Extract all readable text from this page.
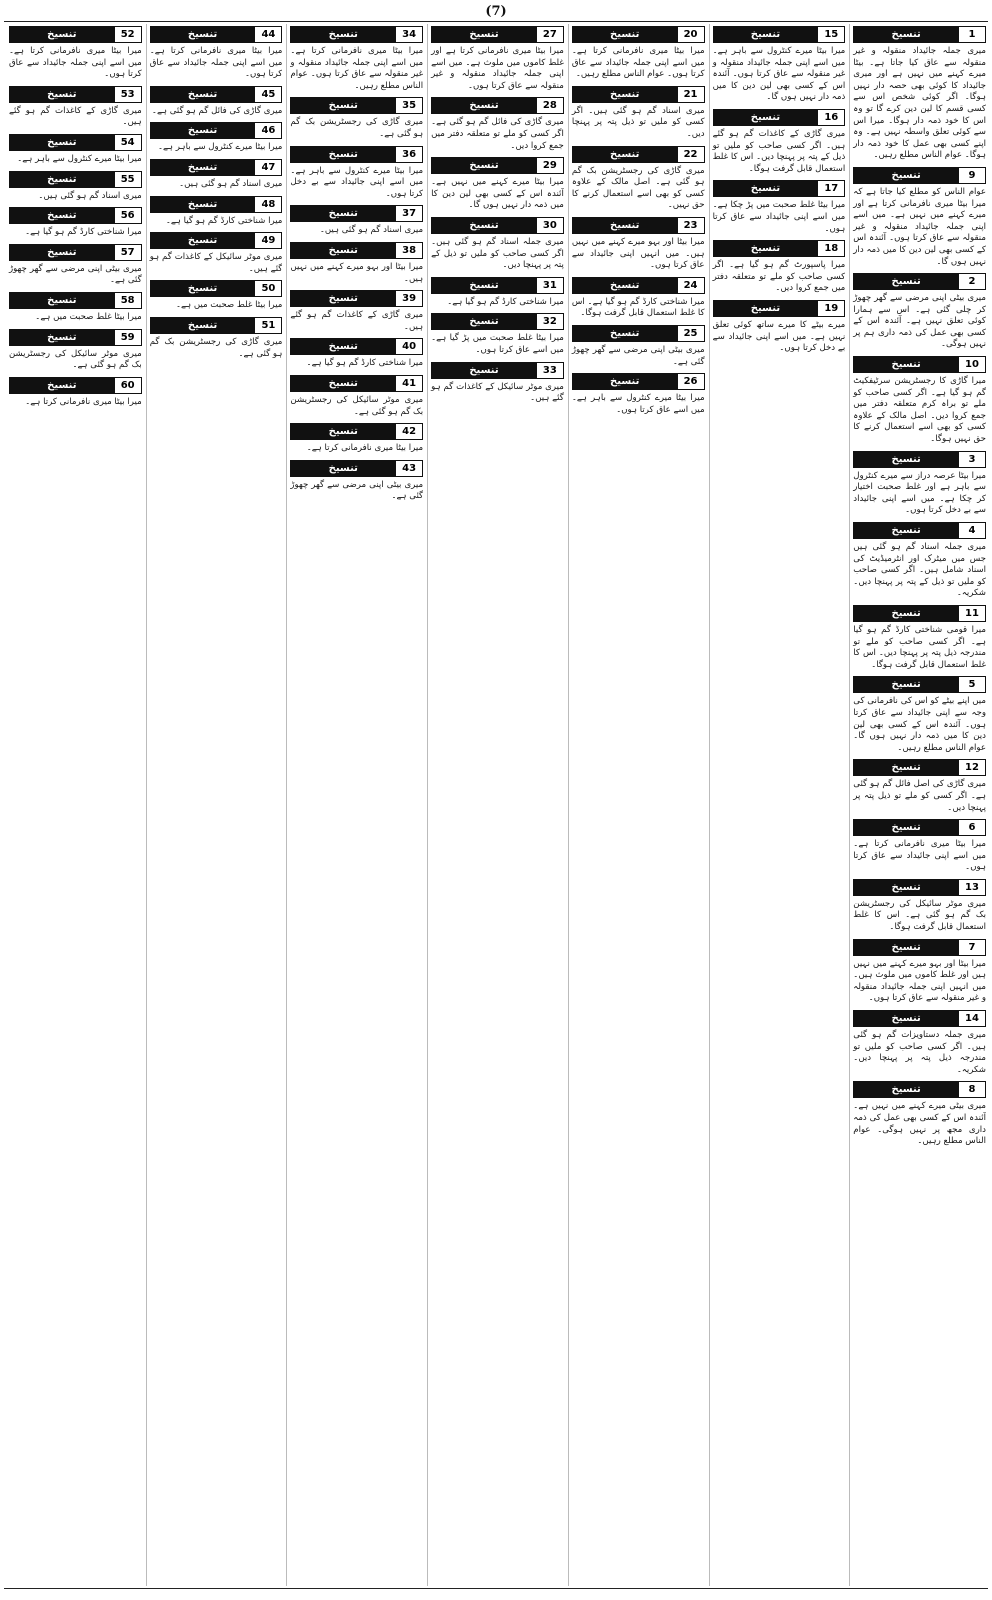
(7)
1
تنسیخ

میری جملہ جائیداد منقولہ و غیر منقولہ سے عاق کیا جاتا ہے۔ بیٹا میرے کہنے میں نہیں ہے اور میری جائیداد کا کوئی بھی حصہ دار نہیں ہوگا۔ اگر کوئی شخص اس سے کسی قسم کا لین دین کرے گا تو وہ اس کا خود ذمہ دار ہوگا۔ میرا اس سے کوئی تعلق واسطہ نہیں ہے۔ وہ اپنے کسی بھی عمل کا خود ذمہ دار ہوگا۔ عوام الناس مطلع رہیں۔

9
تنسیخ

عوام الناس کو مطلع کیا جاتا ہے کہ میرا بیٹا میری نافرمانی کرتا ہے اور میرے کہنے میں نہیں ہے۔ میں اسے اپنی جملہ جائیداد منقولہ و غیر منقولہ سے عاق کرتا ہوں۔ آئندہ اس کے کسی بھی لین دین کا میں ذمہ دار نہیں ہوں گا۔

2
تنسیخ

میری بیٹی اپنی مرضی سے گھر چھوڑ کر چلی گئی ہے۔ اس سے ہمارا کوئی تعلق نہیں ہے۔ آئندہ اس کے کسی بھی عمل کی ذمہ داری ہم پر نہیں ہوگی۔

10
تنسیخ

میرا گاڑی کا رجسٹریشن سرٹیفکیٹ گم ہو گیا ہے۔ اگر کسی صاحب کو ملے تو براہ کرم متعلقہ دفتر میں جمع کروا دیں۔ اصل مالک کے علاوہ کسی کو بھی اسے استعمال کرنے کا حق نہیں ہوگا۔

3
تنسیخ

میرا بیٹا عرصہ دراز سے میرے کنٹرول سے باہر ہے اور غلط صحبت اختیار کر چکا ہے۔ میں اسے اپنی جائیداد سے بے دخل کرتا ہوں۔

4
تنسیخ

میری جملہ اسناد گم ہو گئی ہیں جس میں میٹرک اور انٹرمیڈیٹ کی اسناد شامل ہیں۔ اگر کسی صاحب کو ملیں تو ذیل کے پتہ پر پہنچا دیں۔ شکریہ۔

11
تنسیخ

میرا قومی شناختی کارڈ گم ہو گیا ہے۔ اگر کسی صاحب کو ملے تو مندرجہ ذیل پتہ پر پہنچا دیں۔ اس کا غلط استعمال قابل گرفت ہوگا۔

5
تنسیخ

میں اپنے بیٹے کو اس کی نافرمانی کی وجہ سے اپنی جائیداد سے عاق کرتا ہوں۔ آئندہ اس کے کسی بھی لین دین کا میں ذمہ دار نہیں ہوں گا۔ عوام الناس مطلع رہیں۔

12
تنسیخ

میری گاڑی کی اصل فائل گم ہو گئی ہے۔ اگر کسی کو ملے تو ذیل پتہ پر پہنچا دیں۔

6
تنسیخ

میرا بیٹا میری نافرمانی کرتا ہے۔ میں اسے اپنی جائیداد سے عاق کرتا ہوں۔

13
تنسیخ

میری موٹر سائیکل کی رجسٹریشن بک گم ہو گئی ہے۔ اس کا غلط استعمال قابل گرفت ہوگا۔

7
تنسیخ

میرا بیٹا اور بہو میرے کہنے میں نہیں ہیں اور غلط کاموں میں ملوث ہیں۔ میں انہیں اپنی جملہ جائیداد منقولہ و غیر منقولہ سے عاق کرتا ہوں۔

14
تنسیخ

میری جملہ دستاویزات گم ہو گئی ہیں۔ اگر کسی صاحب کو ملیں تو مندرجہ ذیل پتہ پر پہنچا دیں۔ شکریہ۔

8
تنسیخ

میری بیٹی میرے کہنے میں نہیں ہے۔ آئندہ اس کے کسی بھی عمل کی ذمہ داری مجھ پر نہیں ہوگی۔ عوام الناس مطلع رہیں۔

15
تنسیخ

میرا بیٹا میرے کنٹرول سے باہر ہے۔ میں اسے اپنی جملہ جائیداد منقولہ و غیر منقولہ سے عاق کرتا ہوں۔ آئندہ اس کے کسی بھی لین دین کا میں ذمہ دار نہیں ہوں گا۔

16
تنسیخ

میری گاڑی کے کاغذات گم ہو گئے ہیں۔ اگر کسی صاحب کو ملیں تو ذیل کے پتہ پر پہنچا دیں۔ اس کا غلط استعمال قابل گرفت ہوگا۔

17
تنسیخ

میرا بیٹا غلط صحبت میں پڑ چکا ہے۔ میں اسے اپنی جائیداد سے عاق کرتا ہوں۔

18
تنسیخ

میرا پاسپورٹ گم ہو گیا ہے۔ اگر کسی صاحب کو ملے تو متعلقہ دفتر میں جمع کروا دیں۔

19
تنسیخ

میرے بیٹے کا میرے ساتھ کوئی تعلق نہیں ہے۔ میں اسے اپنی جائیداد سے بے دخل کرتا ہوں۔

20
تنسیخ

میرا بیٹا میری نافرمانی کرتا ہے۔ میں اسے اپنی جملہ جائیداد سے عاق کرتا ہوں۔ عوام الناس مطلع رہیں۔

21
تنسیخ

میری اسناد گم ہو گئی ہیں۔ اگر کسی کو ملیں تو ذیل پتہ پر پہنچا دیں۔

22
تنسیخ

میری گاڑی کی رجسٹریشن بک گم ہو گئی ہے۔ اصل مالک کے علاوہ کسی کو بھی اسے استعمال کرنے کا حق نہیں۔

23
تنسیخ

میرا بیٹا اور بہو میرے کہنے میں نہیں ہیں۔ میں انہیں اپنی جائیداد سے عاق کرتا ہوں۔

24
تنسیخ

میرا شناختی کارڈ گم ہو گیا ہے۔ اس کا غلط استعمال قابل گرفت ہوگا۔

25
تنسیخ

میری بیٹی اپنی مرضی سے گھر چھوڑ گئی ہے۔

26
تنسیخ

میرا بیٹا میرے کنٹرول سے باہر ہے۔ میں اسے عاق کرتا ہوں۔

27
تنسیخ

میرا بیٹا میری نافرمانی کرتا ہے اور غلط کاموں میں ملوث ہے۔ میں اسے اپنی جملہ جائیداد منقولہ و غیر منقولہ سے عاق کرتا ہوں۔

28
تنسیخ

میری گاڑی کی فائل گم ہو گئی ہے۔ اگر کسی کو ملے تو متعلقہ دفتر میں جمع کروا دیں۔

29
تنسیخ

میرا بیٹا میرے کہنے میں نہیں ہے۔ آئندہ اس کے کسی بھی لین دین کا میں ذمہ دار نہیں ہوں گا۔

30
تنسیخ

میری جملہ اسناد گم ہو گئی ہیں۔ اگر کسی صاحب کو ملیں تو ذیل کے پتہ پر پہنچا دیں۔

31
تنسیخ

میرا شناختی کارڈ گم ہو گیا ہے۔

32
تنسیخ

میرا بیٹا غلط صحبت میں پڑ گیا ہے۔ میں اسے عاق کرتا ہوں۔

33
تنسیخ

میری موٹر سائیکل کے کاغذات گم ہو گئے ہیں۔

34
تنسیخ

میرا بیٹا میری نافرمانی کرتا ہے۔ میں اسے اپنی جملہ جائیداد منقولہ و غیر منقولہ سے عاق کرتا ہوں۔ عوام الناس مطلع رہیں۔

35
تنسیخ

میری گاڑی کی رجسٹریشن بک گم ہو گئی ہے۔

36
تنسیخ

میرا بیٹا میرے کنٹرول سے باہر ہے۔ میں اسے اپنی جائیداد سے بے دخل کرتا ہوں۔

37
تنسیخ

میری اسناد گم ہو گئی ہیں۔

38
تنسیخ

میرا بیٹا اور بہو میرے کہنے میں نہیں ہیں۔

39
تنسیخ

میری گاڑی کے کاغذات گم ہو گئے ہیں۔

40
تنسیخ

میرا شناختی کارڈ گم ہو گیا ہے۔

41
تنسیخ

میری موٹر سائیکل کی رجسٹریشن بک گم ہو گئی ہے۔

42
تنسیخ

میرا بیٹا میری نافرمانی کرتا ہے۔

43
تنسیخ

میری بیٹی اپنی مرضی سے گھر چھوڑ گئی ہے۔

44
تنسیخ

میرا بیٹا میری نافرمانی کرتا ہے۔ میں اسے اپنی جملہ جائیداد سے عاق کرتا ہوں۔

45
تنسیخ

میری گاڑی کی فائل گم ہو گئی ہے۔

46
تنسیخ

میرا بیٹا میرے کنٹرول سے باہر ہے۔

47
تنسیخ

میری اسناد گم ہو گئی ہیں۔

48
تنسیخ

میرا شناختی کارڈ گم ہو گیا ہے۔

49
تنسیخ

میری موٹر سائیکل کے کاغذات گم ہو گئے ہیں۔

50
تنسیخ

میرا بیٹا غلط صحبت میں ہے۔

51
تنسیخ

میری گاڑی کی رجسٹریشن بک گم ہو گئی ہے۔

52
تنسیخ

میرا بیٹا میری نافرمانی کرتا ہے۔ میں اسے اپنی جملہ جائیداد سے عاق کرتا ہوں۔

53
تنسیخ

میری گاڑی کے کاغذات گم ہو گئے ہیں۔

54
تنسیخ

میرا بیٹا میرے کنٹرول سے باہر ہے۔

55
تنسیخ

میری اسناد گم ہو گئی ہیں۔

56
تنسیخ

میرا شناختی کارڈ گم ہو گیا ہے۔

57
تنسیخ

میری بیٹی اپنی مرضی سے گھر چھوڑ گئی ہے۔

58
تنسیخ

میرا بیٹا غلط صحبت میں ہے۔

59
تنسیخ

میری موٹر سائیکل کی رجسٹریشن بک گم ہو گئی ہے۔

60
تنسیخ

میرا بیٹا میری نافرمانی کرتا ہے۔
